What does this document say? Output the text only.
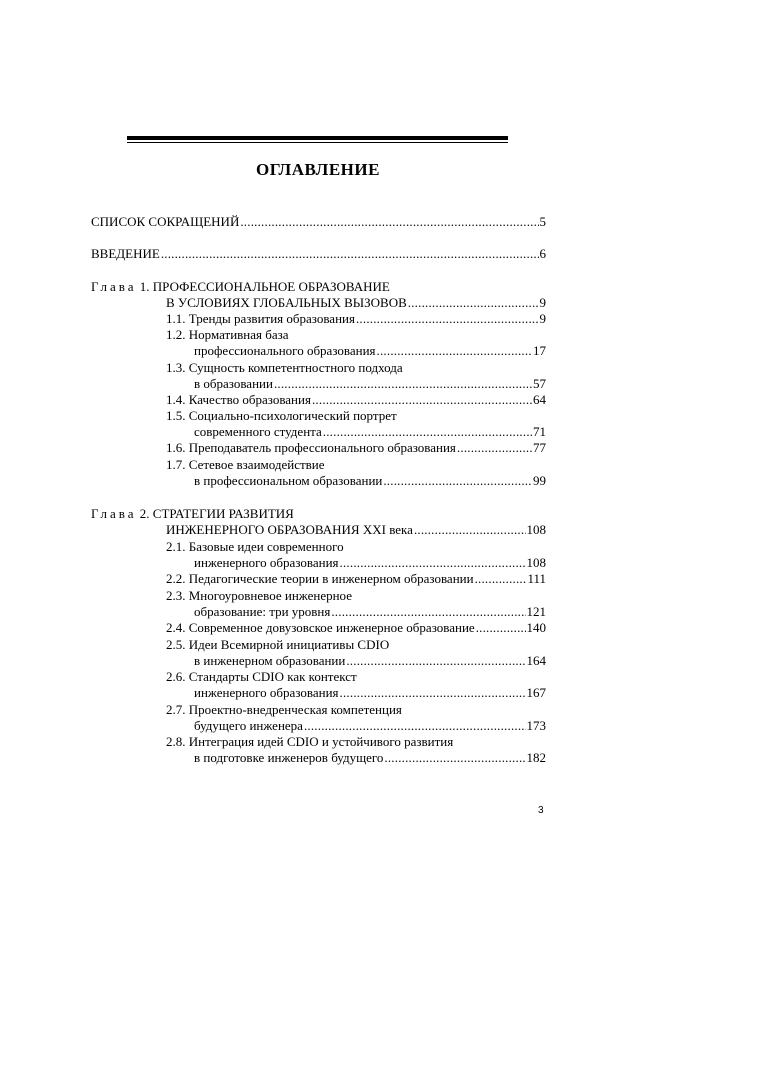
ОГЛАВЛЕНИЕ
СПИСОК СОКРАЩЕНИЙ .....	5
ВВЕДЕНИЕ .....	6
Глава 1. ПРОФЕССИОНАЛЬНОЕ ОБРАЗОВАНИЕ
В УСЛОВИЯХ ГЛОБАЛЬНЫХ ВЫЗОВОВ .....	9
1.1. Тренды развития образования .....	9
1.2. Нормативная база
профессионального образования .....	17
1.3. Сущность компетентностного подхода
в образовании .....	57
1.4. Качество образования .....	64
1.5. Социально-психологический портрет
современного студента .....	71
1.6. Преподаватель профессионального образования .....	77
1.7. Сетевое взаимодействие
в профессиональном образовании .....	99
Глава 2. СТРАТЕГИИ РАЗВИТИЯ
ИНЖЕНЕРНОГО ОБРАЗОВАНИЯ XXI века .....	108
2.1. Базовые идеи современного
инженерного образования .....	108
2.2. Педагогические теории в инженерном образовании .....	111
2.3. Многоуровневое инженерное
образование: три уровня .....	121
2.4. Современное довузовское инженерное образование .....	140
2.5. Идеи Всемирной инициативы CDIO
в инженерном образовании .....	164
2.6. Стандарты CDIO как контекст
инженерного образования .....	167
2.7. Проектно-внедренческая компетенция
будущего инженера .....	173
2.8. Интеграция идей CDIO и устойчивого развития
в подготовке инженеров будущего .....	182
3
